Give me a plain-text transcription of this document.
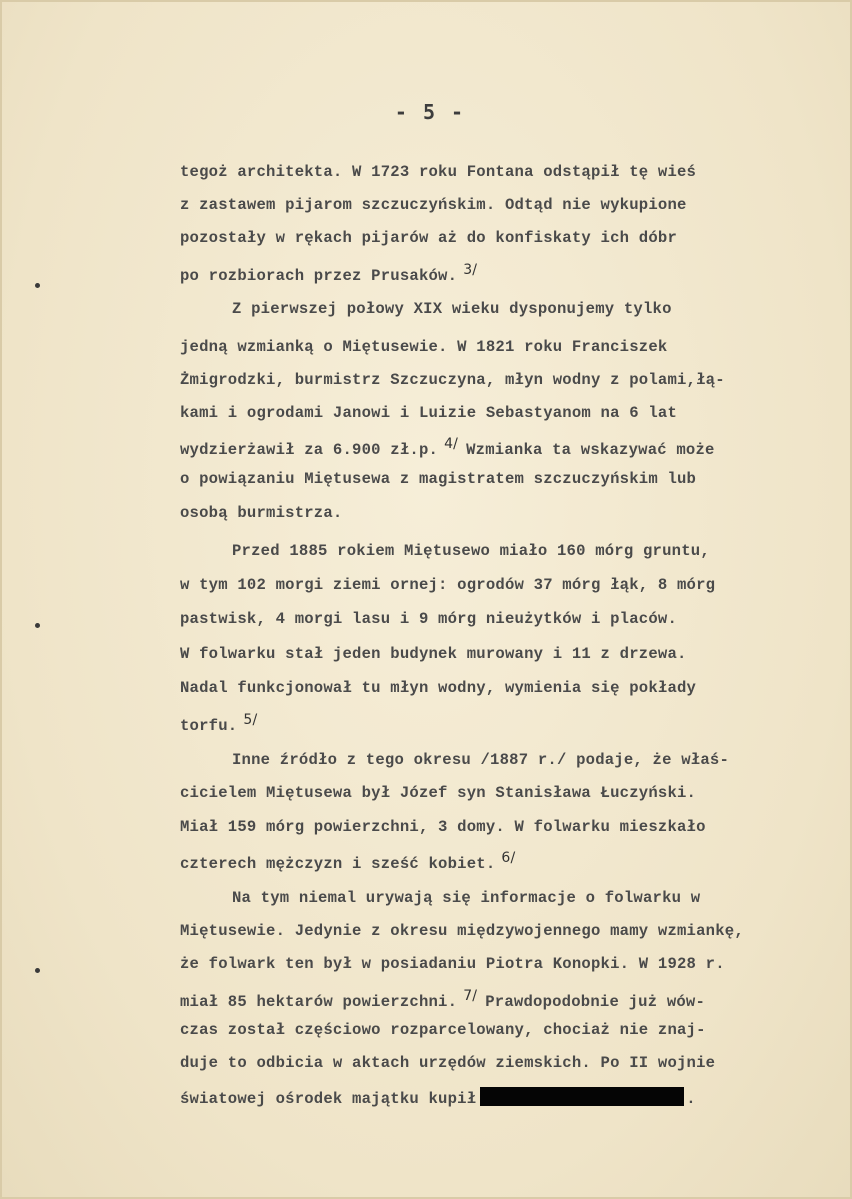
- 5 -
tegoż architekta. W 1723 roku Fontana odstąpił tę wieś
z zastawem pijarom szczuczyńskim. Odtąd nie wykupione
pozostały w rękach pijarów aż do konfiskaty ich dóbr
po rozbiorach przez Prusaków. 3/
Z pierwszej połowy XIX wieku dysponujemy tylko
jedną wzmianką o Miętusewie. W 1821 roku Franciszek
Żmigrodzki, burmistrz Szczuczyna, młyn wodny z polami,łą-
kami i ogrodami Janowi i Luizie Sebastyanom na 6 lat
wydzierżawił za 6.900 zł.p. 4/ Wzmianka ta wskazywać może
o powiązaniu Miętusewa z magistratem szczuczyńskim lub
osobą burmistrza.
Przed 1885 rokiem Miętusewo miało 160 mórg gruntu,
w tym 102 morgi ziemi ornej: ogrodów 37 mórg łąk, 8 mórg
pastwisk, 4 morgi lasu i 9 mórg nieużytków i placów.
W folwarku stał jeden budynek murowany i 11 z drzewa.
Nadal funkcjonował tu młyn wodny, wymienia się pokłady
torfu. 5/
Inne źródło z tego okresu /1887 r./ podaje, że właś-
cicielem Miętusewa był Józef syn Stanisława Łuczyński.
Miał 159 mórg powierzchni, 3 domy. W folwarku mieszkało
czterech mężczyzn i sześć kobiet. 6/
Na tym niemal urywają się informacje o folwarku w
Miętusewie. Jedynie z okresu międzywojennego mamy wzmiankę,
że folwark ten był w posiadaniu Piotra Konopki. W 1928 r.
miał 85 hektarów powierzchni. 7/ Prawdopodobnie już wów-
czas został częściowo rozparcelowany, chociaż nie znaj-
duje to odbicia w aktach urzędów ziemskich. Po II wojnie
światowej ośrodek majątku kupił	.
